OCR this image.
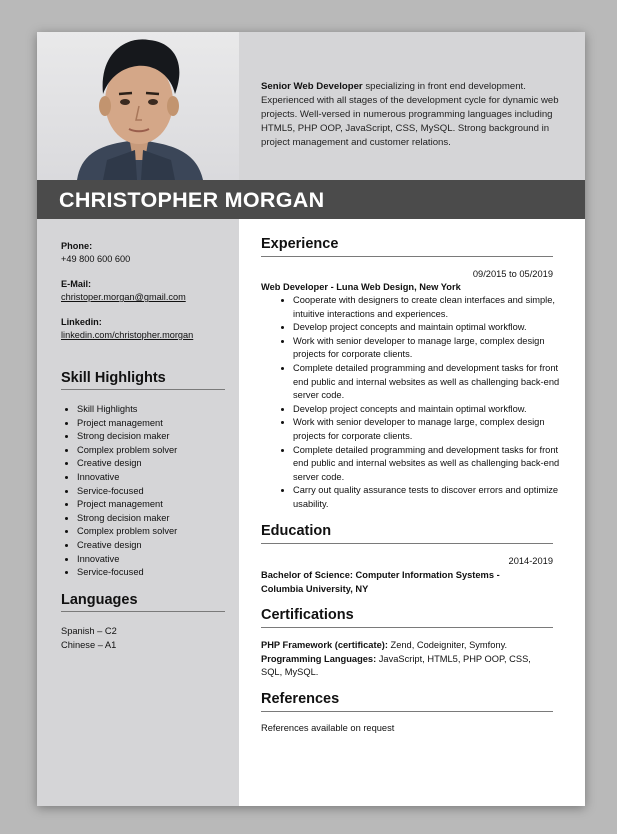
Senior Web Developer specializing in front end development. Experienced with all stages of the development cycle for dynamic web projects. Well-versed in numerous programming languages including HTML5, PHP OOP, JavaScript, CSS, MySQL. Strong background in project management and customer relations.

CHRISTOPHER MORGAN

Phone:

+49 800 600 600

E-Mail:

christoper.morgan@gmail.com

Linkedin:

linkedin.com/christopher.morgan
Skill Highlights
• Skill Highlights
• Project management
• Strong decision maker
• Complex problem solver
• Creative design
• Innovative
• Service-focused
• Project management
• Strong decision maker
• Complex problem solver
• Creative design
• Innovative
• Service-focused
Languages
Spanish – C2
Chinese – A1
Experience
09/2015 to 05/2019
Web Developer - Luna Web Design, New York
• Cooperate with designers to create clean interfaces and simple, intuitive interactions and experiences.
• Develop project concepts and maintain optimal workflow.
• Work with senior developer to manage large, complex design projects for corporate clients.
• Complete detailed programming and development tasks for front end public and internal websites as well as challenging back-end server code.
• Develop project concepts and maintain optimal workflow.
• Work with senior developer to manage large, complex design projects for corporate clients.
• Complete detailed programming and development tasks for front end public and internal websites as well as challenging back-end server code.
• Carry out quality assurance tests to discover errors and optimize usability.
Education
2014-2019
Bachelor of Science: Computer Information Systems - Columbia University, NY
Certifications

PHP Framework (certificate): Zend, Codeigniter, Symfony.

Programming Languages: JavaScript, HTML5, PHP OOP, CSS, SQL, MySQL.

References
References available on request
